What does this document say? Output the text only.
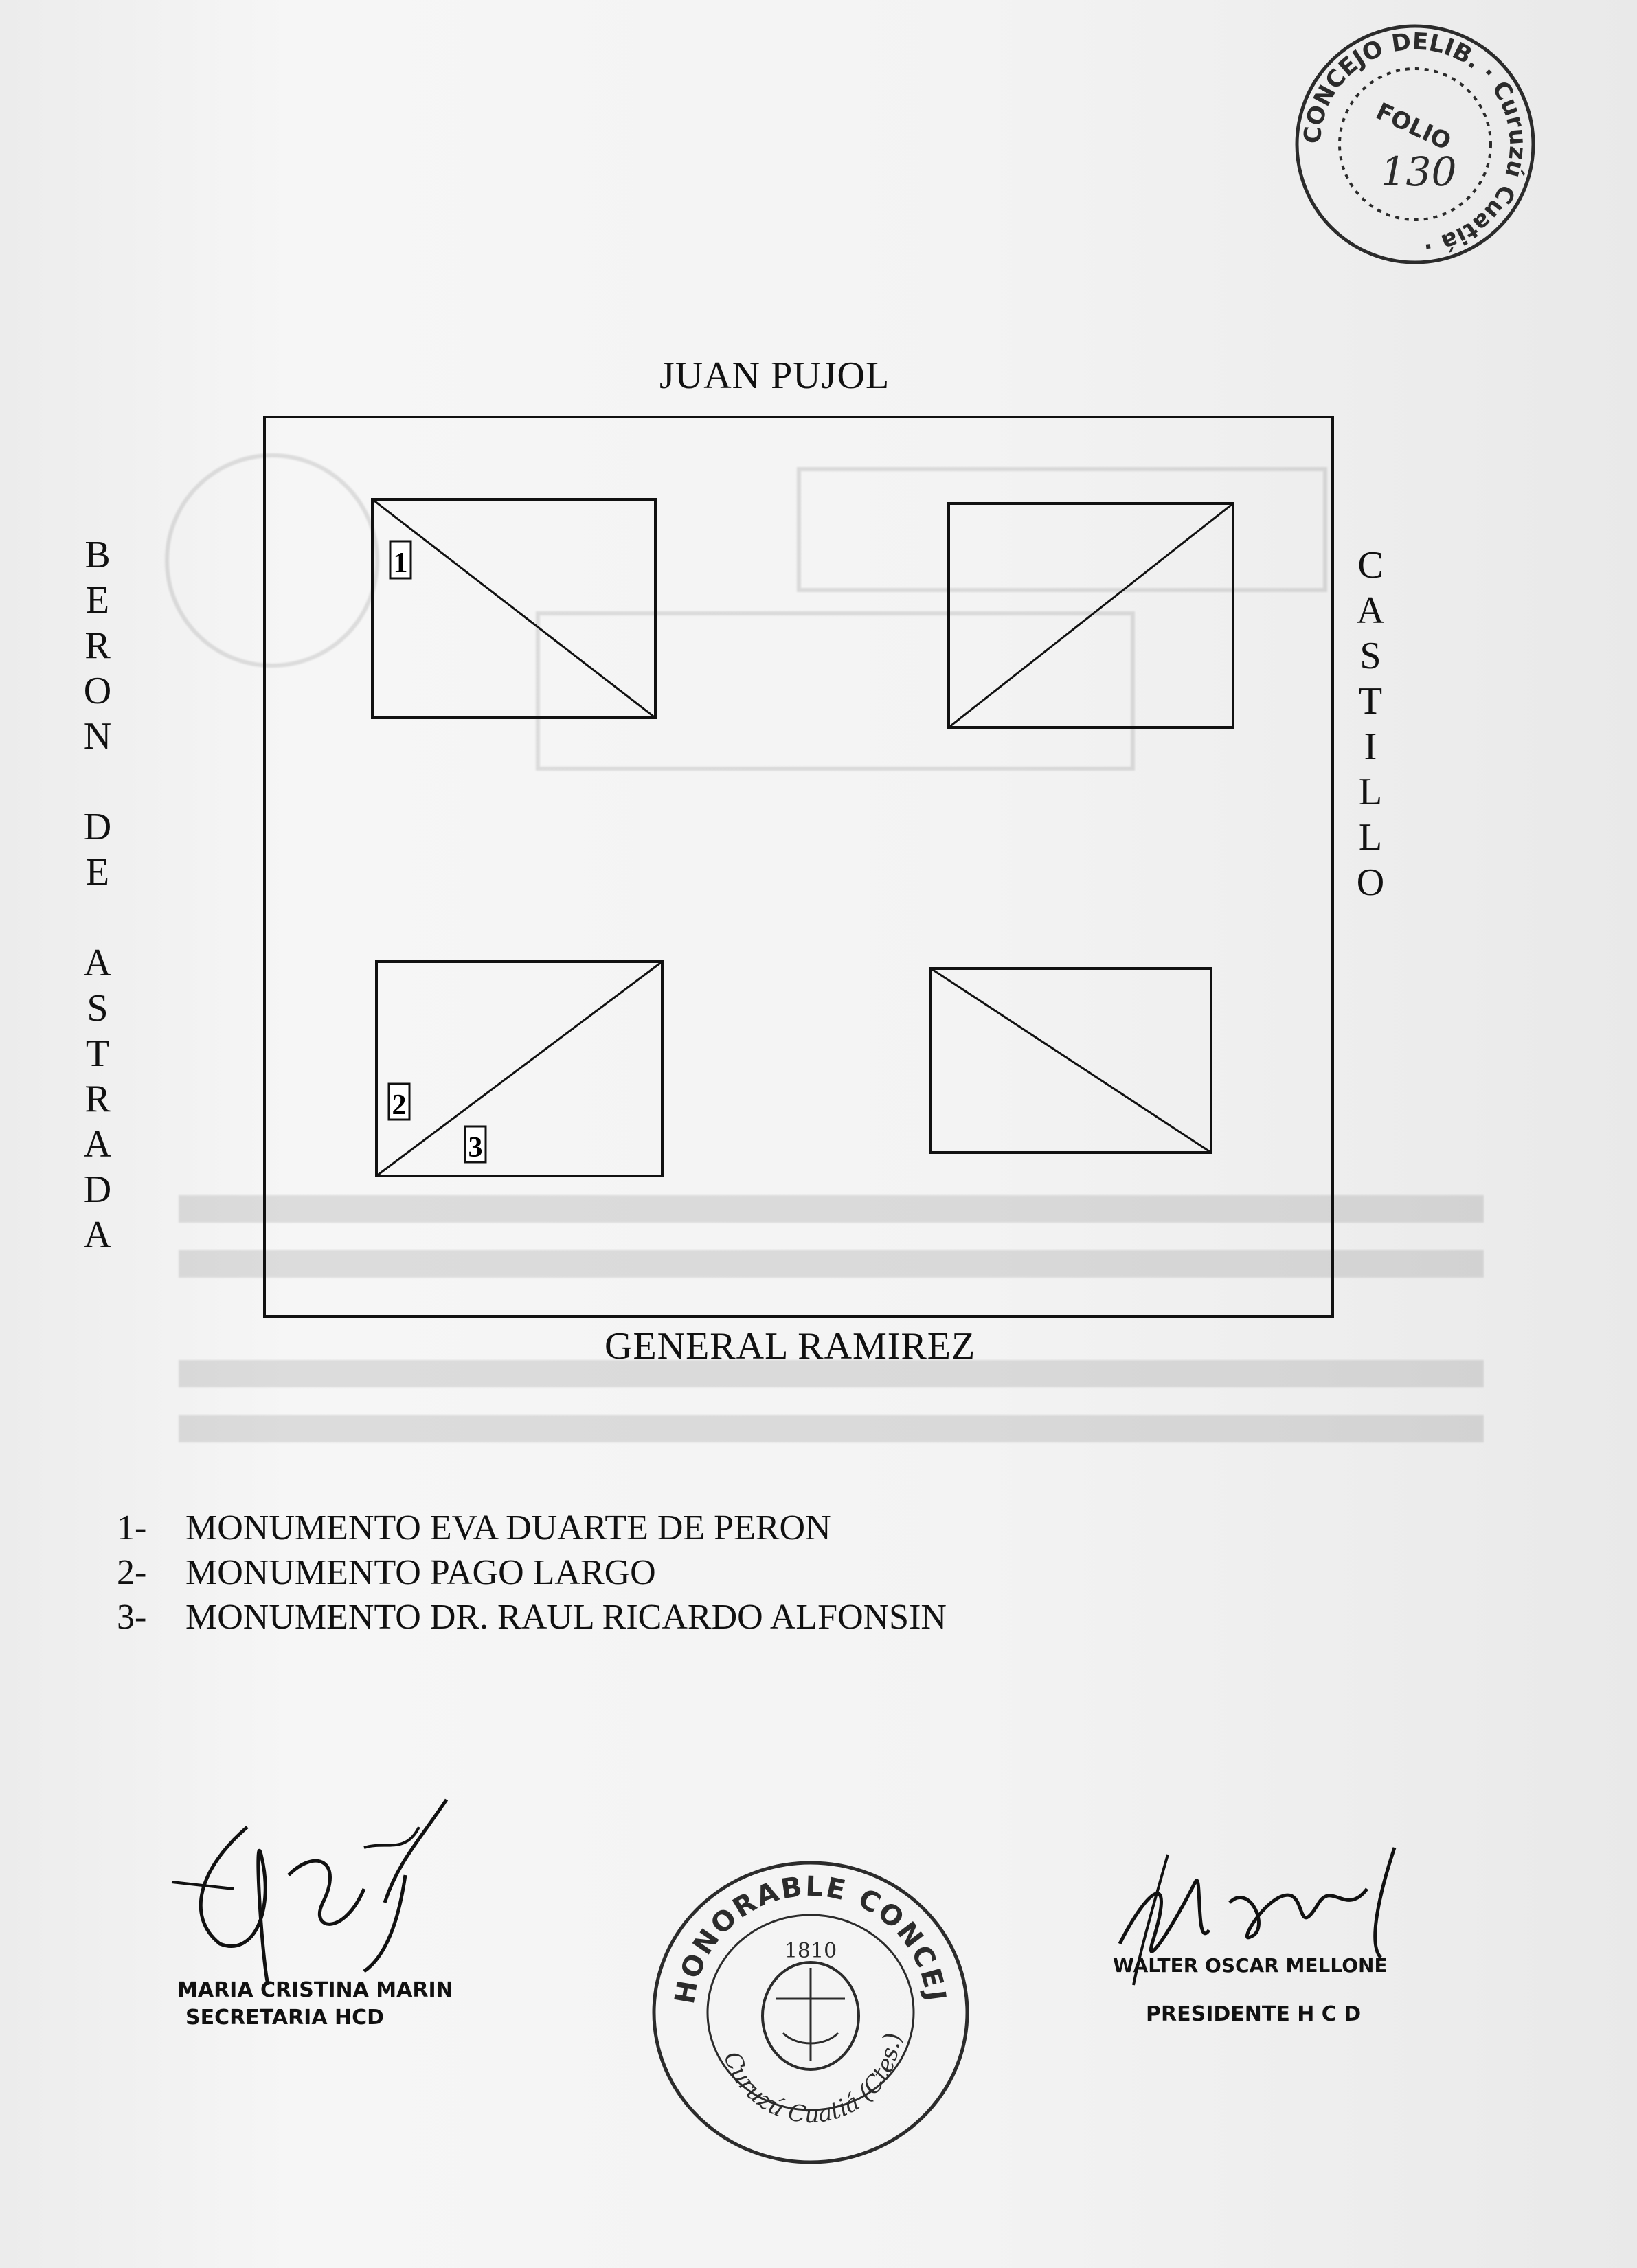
CONCEJO DELIB. · Curuzú Cuatiá ·
FOLIO
130
JUAN PUJOL
B
E
R
O
N
D
E
A
S
T
R
A
D
A
C
A
S
T
I
L
L
O
1
2
3
GENERAL RAMIREZ
1- MONUMENTO EVA DUARTE DE PERON
2- MONUMENTO PAGO LARGO
3- MONUMENTO DR. RAUL RICARDO ALFONSIN
MARIA CRISTINA MARIN
SECRETARIA HCD
HONORABLE CONCEJ
Curuzú Cuatiá (Ctes.)
1810
WALTER OSCAR MELLONE
PRESIDENTE H C D
